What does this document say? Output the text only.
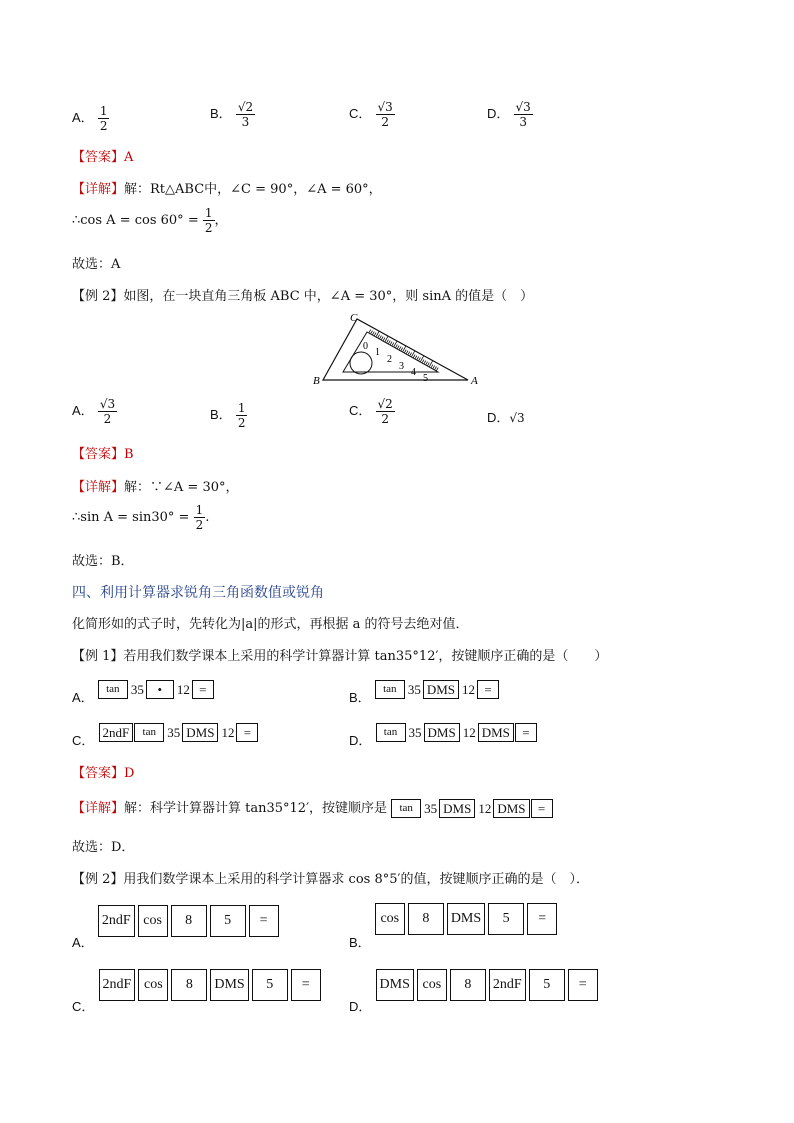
A． $\frac{1}{2}$	B． $\frac{√2}{3}$	C． $\frac{√3}{2}$	D． $\frac{√3}{3}$
【答案】A
【详解】解：Rt△ABC中，∠C = 90°，∠A = 60°，
∴cos $A = \cos 60^\circ = \frac{1}{2}$ ，
故选：A
【例 2】如图，在一块直角三角板 ABC 中，∠A = 30°，则 sinA 的值是（　）
C
B	A
0
1
2
3
4
5
A． $\frac{√3}{2}$	B． $\frac{1}{2}$	C． $\frac{√2}{2}$	D．√3
【答案】B
【详解】解：∵∠A = 30°，
∴sin $A = \sin 30^\circ = \frac{1}{2}$ .
故选：B．
四、利用计算器求锐角三角函数值或锐角
化简形如的式子时，先转化为|a|的形式，再根据 a 的符号去绝对值．
【例 1】若用我们数学课本上采用的科学计算器计算 tan35°12′，按键顺序正确的是（　　）
A． tan 35 • 12 =
B． tan 35 DMS 12 =
C． 2ndF tan 35 DMS 12 =
D． tan 35 DMS 12 DMS =
【答案】D
【详解】解：科学计算器计算 tan35°12′，按键顺序是 tan 35 DMS 12 DMS =
故选：D．
【例 2】用我们数学课本上采用的科学计算器求 cos 8°5′的值，按键顺序正确的是（　）．
A． 2ndF cos 8 5 =
B． cos 8 DMS 5 =
C． 2ndF cos 8 DMS 5 =
D． DMS cos 8 2ndF 5 =
